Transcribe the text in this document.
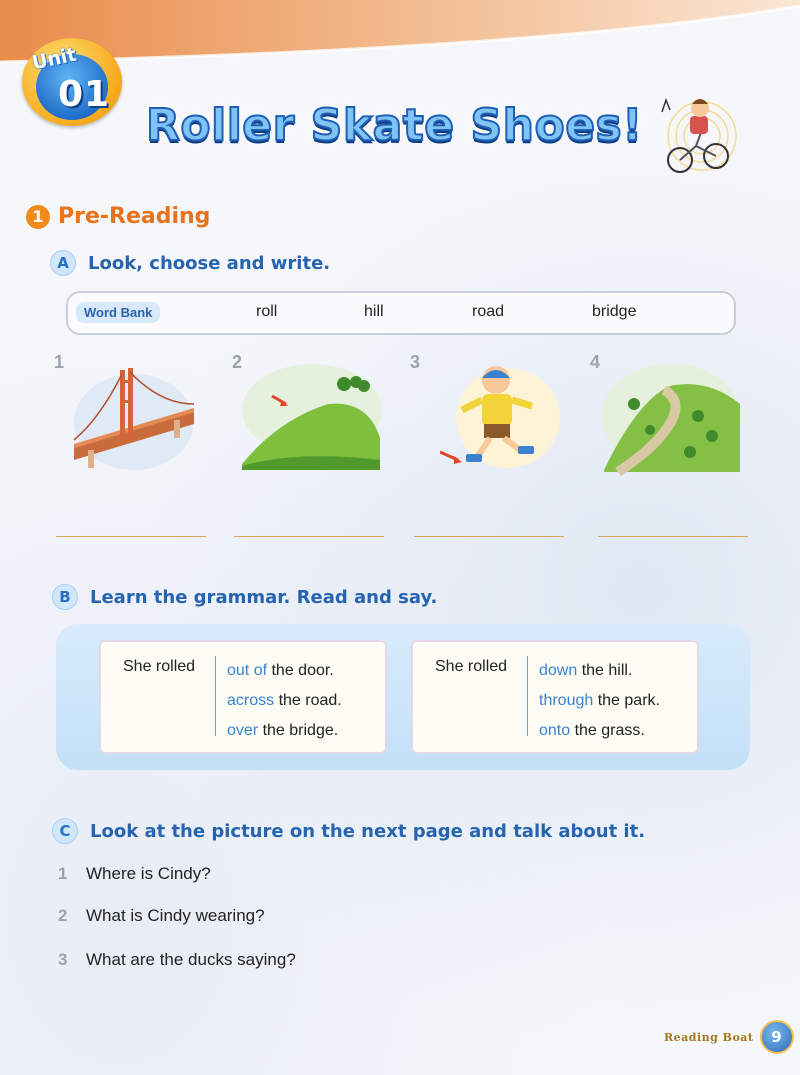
Unit
01
Roller Skate Shoes!
1 Pre-Reading
A	Look, choose and write.
Word Bank	roll	hill	road	bridge
1	2	3	4
B	Learn the grammar. Read and say.
She rolled out of the door.
across the road.
over the bridge.
She rolled down the hill.
through the park.
onto the grass.
C	Look at the picture on the next page and talk about it.
1 Where is Cindy?
2 What is Cindy wearing?
3 What are the ducks saying?
Reading Boat	9
